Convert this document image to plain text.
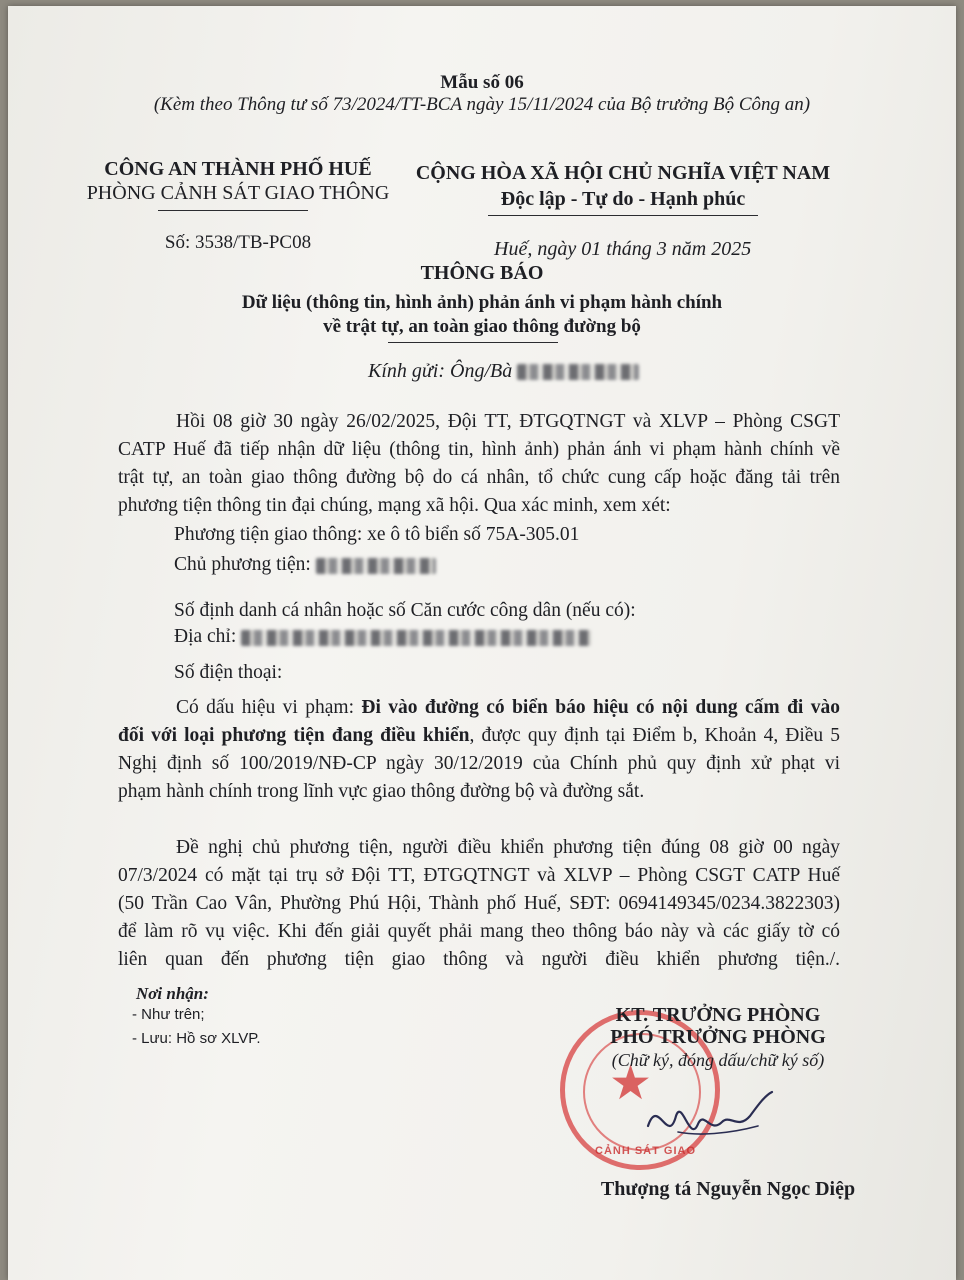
Mẫu số 06
(Kèm theo Thông tư số 73/2024/TT-BCA ngày 15/11/2024 của Bộ trưởng Bộ Công an)
CÔNG AN THÀNH PHỐ HUẾ
PHÒNG CẢNH SÁT GIAO THÔNG
Số: 3538/TB-PC08
CỘNG HÒA XÃ HỘI CHỦ NGHĨA VIỆT NAM
Độc lập - Tự do - Hạnh phúc
Huế, ngày 01 tháng 3 năm 2025
THÔNG BÁO
Dữ liệu (thông tin, hình ảnh) phản ánh vi phạm hành chính
về trật tự, an toàn giao thông đường bộ
Kính gửi: Ông/Bà
Hồi 08 giờ 30 ngày 26/02/2025, Đội TT, ĐTGQTNGT và XLVP – Phòng CSGT
CATP Huế đã tiếp nhận dữ liệu (thông tin, hình ảnh) phản ánh vi phạm hành chính về
trật tự, an toàn giao thông đường bộ do cá nhân, tổ chức cung cấp hoặc đăng tải trên
phương tiện thông tin đại chúng, mạng xã hội. Qua xác minh, xem xét:
Phương tiện giao thông: xe ô tô biển số 75A-305.01
Chủ phương tiện:
Số định danh cá nhân hoặc số Căn cước công dân (nếu có):
Địa chỉ:
Số điện thoại:
Có dấu hiệu vi phạm: Đi vào đường có biển báo hiệu có nội dung cấm đi vào
đối với loại phương tiện đang điều khiển, được quy định tại Điểm b, Khoản 4, Điều 5
Nghị định số 100/2019/NĐ-CP ngày 30/12/2019 của Chính phủ quy định xử phạt vi
phạm hành chính trong lĩnh vực giao thông đường bộ và đường sắt.
Đề nghị chủ phương tiện, người điều khiển phương tiện đúng 08 giờ 00 ngày
07/3/2024 có mặt tại trụ sở Đội TT, ĐTGQTNGT và XLVP – Phòng CSGT CATP Huế
(50 Trần Cao Vân, Phường Phú Hội, Thành phố Huế, SĐT: 0694149345/0234.3822303)
để làm rõ vụ việc. Khi đến giải quyết phải mang theo thông báo này và các giấy tờ có
liên quan đến phương tiện giao thông và người điều khiển phương tiện./.
Nơi nhận:
- Như trên;
- Lưu: Hồ sơ XLVP.
★
CẢNH SÁT GIAO
KT. TRƯỞNG PHÒNG
PHÓ TRƯỞNG PHÒNG
(Chữ ký, đóng dấu/chữ ký số)
Thượng tá Nguyễn Ngọc Diệp
